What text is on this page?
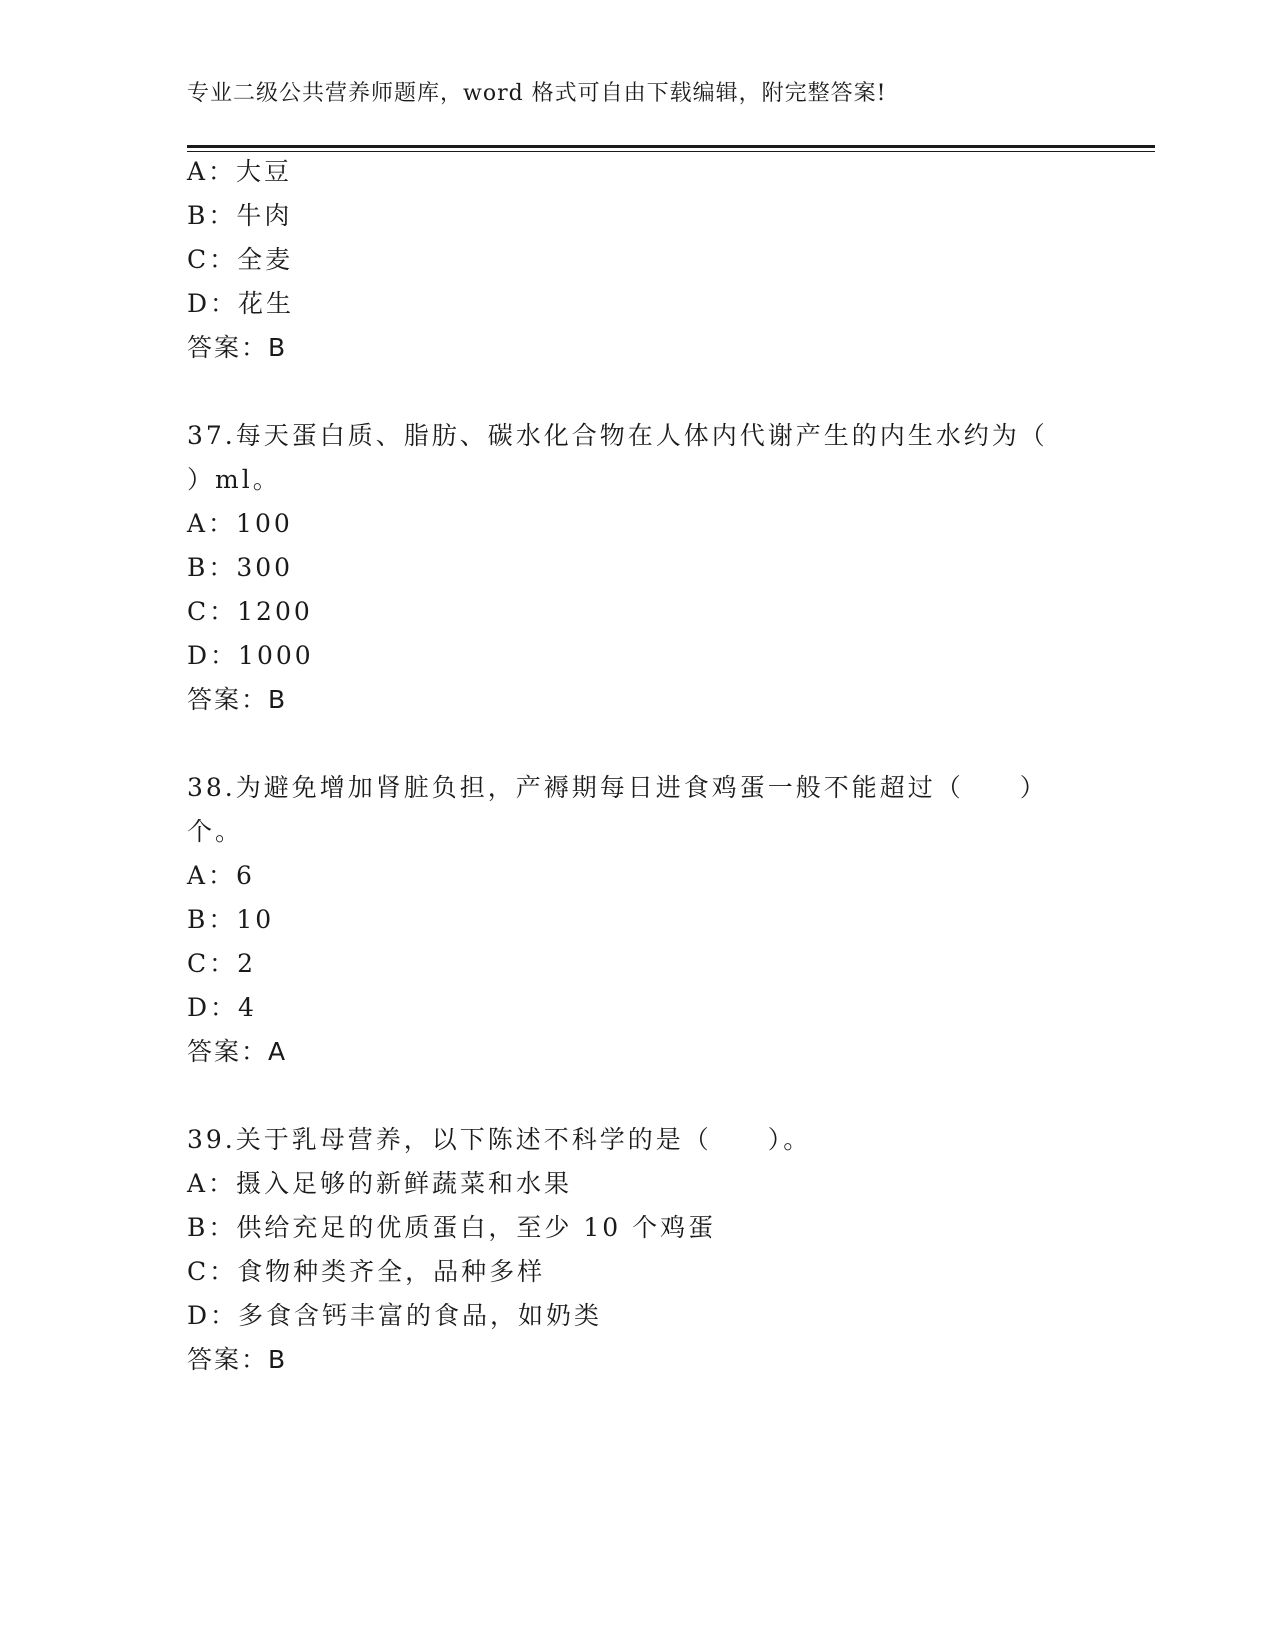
专业二级公共营养师题库，word 格式可自由下载编辑，附完整答案!
A：大豆
B：牛肉
C：全麦
D：花生
答案：B
37.每天蛋白质、脂肪、碳水化合物在人体内代谢产生的内生水约为（
）ml。
A：100
B：300
C：1200
D：1000
答案：B
38.为避免增加肾脏负担，产褥期每日进食鸡蛋一般不能超过（　　）
个。
A：6
B：10
C：2
D：4
答案：A
39.关于乳母营养，以下陈述不科学的是（　　）。
A：摄入足够的新鲜蔬菜和水果
B：供给充足的优质蛋白，至少 10 个鸡蛋
C：食物种类齐全，品种多样
D：多食含钙丰富的食品，如奶类
答案：B
